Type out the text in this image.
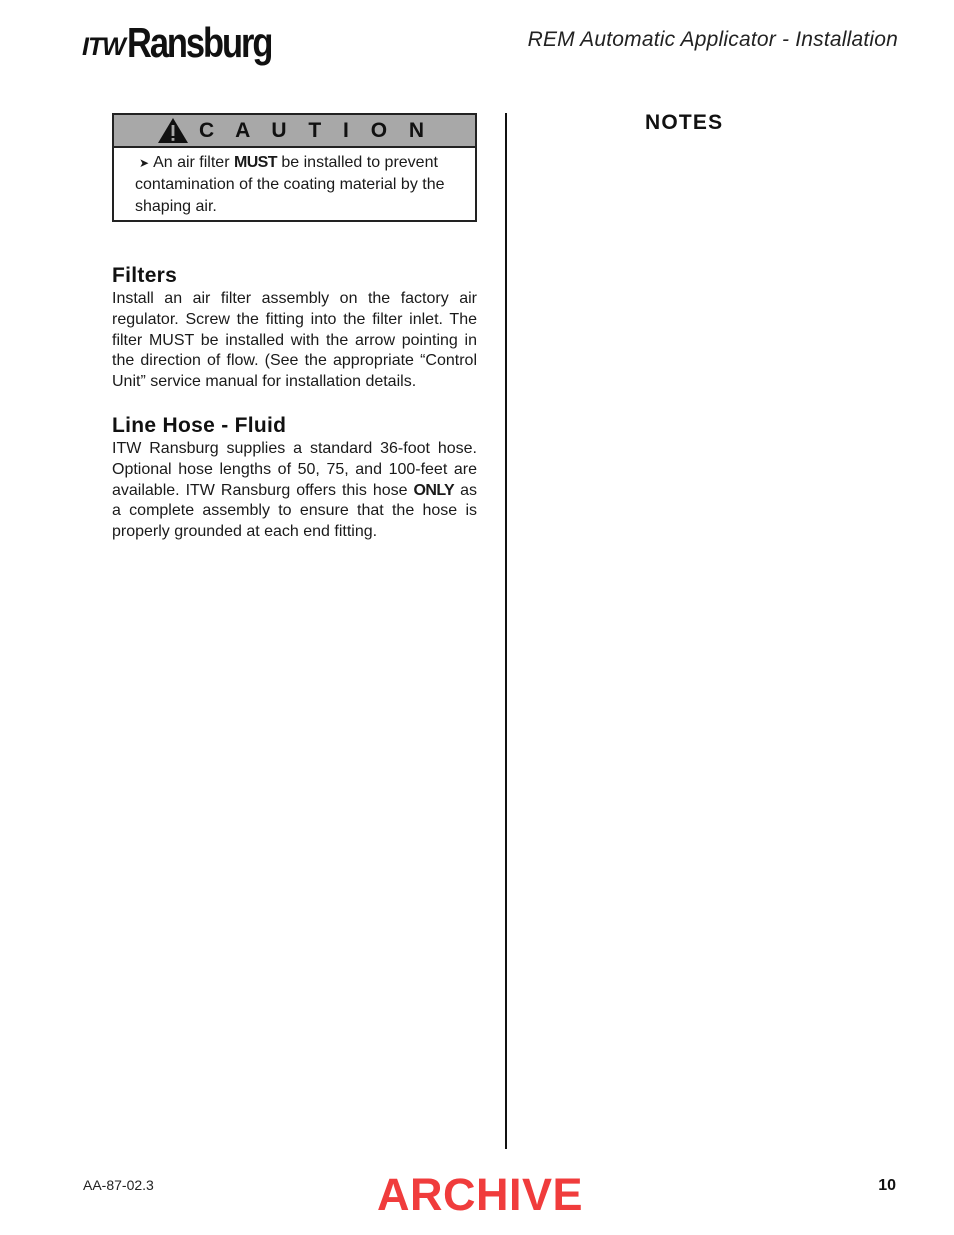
ITW Ransburg	REM Automatic Applicator - Installation
C A U T I O N
➤ An air filter MUST be installed to prevent contamination of the coating material by the shaping air.
Filters

Install an air filter assembly on the factory air regulator. Screw the fitting into the filter inlet. The filter MUST be installed with the arrow pointing in the direction of flow. (See the appropriate “Control Unit” service manual for installation details.

Line Hose - Fluid

ITW Ransburg supplies a standard 36-foot hose. Optional hose lengths of 50, 75, and 100-feet are available. ITW Ransburg offers this hose ONLY as a complete assembly to ensure that the hose is properly grounded at each end fitting.

NOTES
AA-87-02.3	ARCHIVE	10
